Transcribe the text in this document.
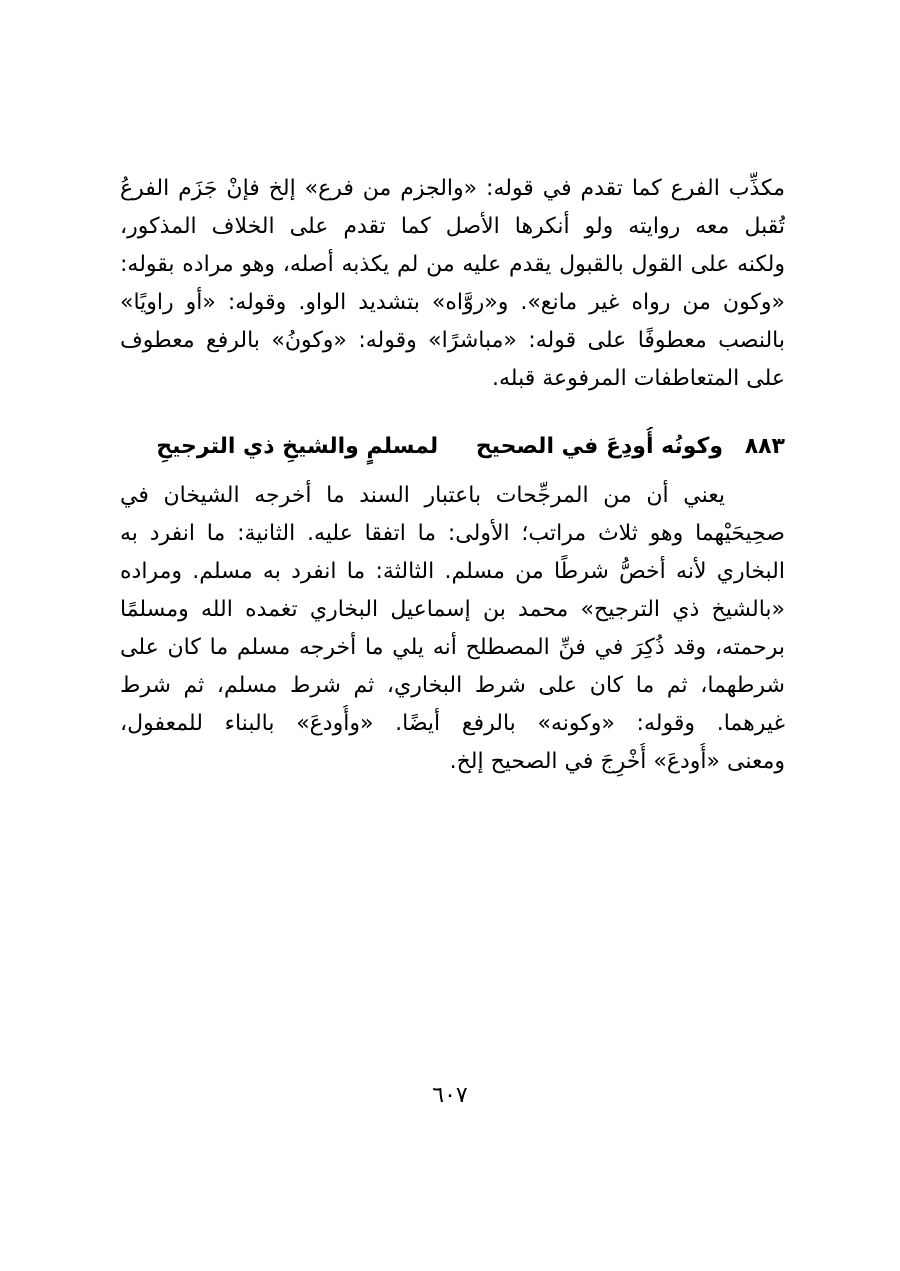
مكذِّب الفرع كما تقدم في قوله: «والجزم من فرع» إلخ فإنْ جَزَم الفرعُ
تُقبل معه روايته ولو أنكرها الأصل كما تقدم على الخلاف المذكور،
ولكنه على القول بالقبول يقدم عليه من لم يكذبه أصله، وهو مراده بقوله:
«وكون من رواه غير مانع». و«روَّاه» بتشديد الواو. وقوله: «أو راويًا»
بالنصب معطوفًا على قوله: «مباشرًا» وقوله: «وكونُ» بالرفع معطوف
على المتعاطفات المرفوعة قبله.
٨٨٣ وكونُه أُودِعَ في الصحيح لمسلمٍ والشيخِ ذي الترجيحِ
يعني أن من المرجِّحات باعتبار السند ما أخرجه الشيخان في
صحِيحَيْهما وهو ثلاث مراتب؛ الأولى: ما اتفقا عليه. الثانية: ما انفرد به
البخاري لأنه أخصُّ شرطًا من مسلم. الثالثة: ما انفرد به مسلم. ومراده
«بالشيخ ذي الترجيح» محمد بن إسماعيل البخاري تغمده الله ومسلمًا
برحمته، وقد ذُكِرَ في فنِّ المصطلح أنه يلي ما أخرجه مسلم ما كان على
شرطهما، ثم ما كان على شرط البخاري، ثم شرط مسلم، ثم شرط
غيرهما. وقوله: «وكونه» بالرفع أيضًا. «وأُودعَ» بالبناء للمعفول،
ومعنى «أُودعَ» أُخْرِجَ في الصحيح إلخ.
٦٠٧
